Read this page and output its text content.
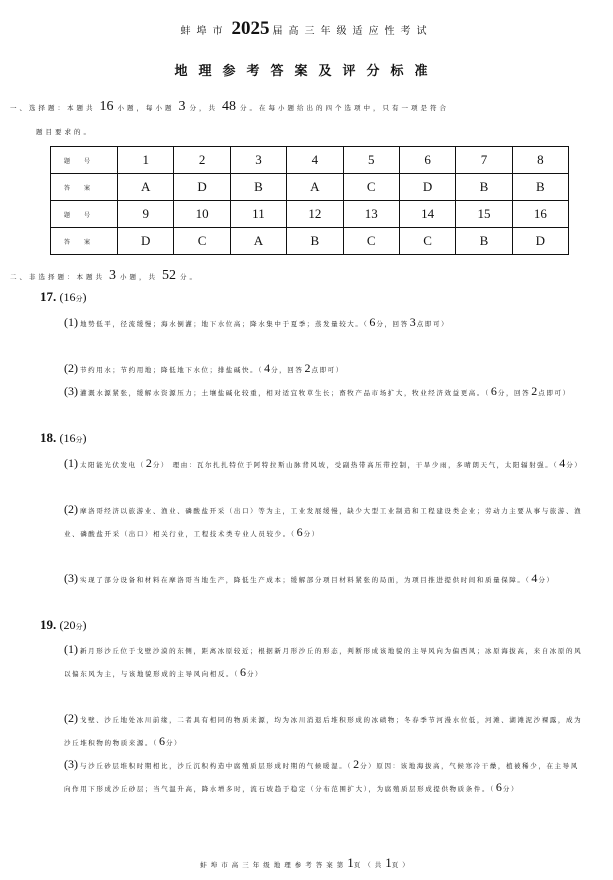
蚌埠市 2025 届高三年级适应性考试
地理参考答案及评分标准
一、选择题：本题共 16 小题，每小题 3 分，共 48 分。在每小题给出的四个选项中，只有一项是符合
题目要求的。
题号	1	2	3	4	5	6	7	8
答案	A	D	B	A	C	D	B	B
题号	9	10	11	12	13	14	15	16
答案	D	C	A	B	C	C	B	D
二、非选择题：本题共 3 小题，共 52 分。
17. (16分)
(1) 地势低平，径流缓慢；海水倒灌；地下水位高；降水集中于夏季；蒸发量较大。（6分，回答3点即可）
(2) 节约用水；节约用地；降低地下水位；排盐碱快。（4分，回答2点即可）
(3) 灌溉水源紧张，缓解水资源压力；土壤盐碱化较重，相对适宜牧草生长；畜牧产品市场扩大，牧业经济效益更高。（6分，回答2点即可）
18. (16分)
(1) 太阳能光伏发电（2分） 理由：瓦尔扎扎特位于阿特拉斯山脉背风坡，受副热带高压带控制，干旱少雨，多晴朗天气，太阳辐射强。（4分）
(2) 摩洛哥经济以旅游业、渔业、磷酸盐开采（出口）等为主，工业发展缓慢，缺少大型工业制造和工程建设类企业；劳动力主要从事与旅游、渔业、磷酸盐开采（出口）相关行业，工程技术类专业人员较少。（6分）
(3) 实现了部分设备和材料在摩洛哥当地生产，降低生产成本；缓解部分项目材料紧张的局面，为项目推进提供时间和质量保障。（4分）
19. (20分)
(1) 新月形沙丘位于戈壁沙漠的东侧，距离冰原较近；根据新月形沙丘的形态，判断形成该地貌的主导风向为偏西风；冰原海拔高，来自冰原的风以偏东风为主，与该地貌形成的主导风向相反。（6分）
(2) 戈壁、沙丘地处冰川前缘，二者具有相同的物质来源，均为冰川消退后堆积形成的冰碛物；冬春季节河漫水位低，河滩、湖滩泥沙裸露，成为沙丘堆积物的物质来源。（6分）
(3) 与沙丘砂层堆积时期相比，沙丘沉积构造中腐殖质层形成时期的气候暖湿。（2分）原因：该地海拔高，气候寒冷干燥，植被稀少，在主导风向作用下形成沙丘砂层；当气温升高，降水增多时，流石坡趋于稳定（分布范围扩大），为腐殖质层形成提供物质条件。（6分）
蚌埠市高三年级地理参考答案第1页（共1页）
